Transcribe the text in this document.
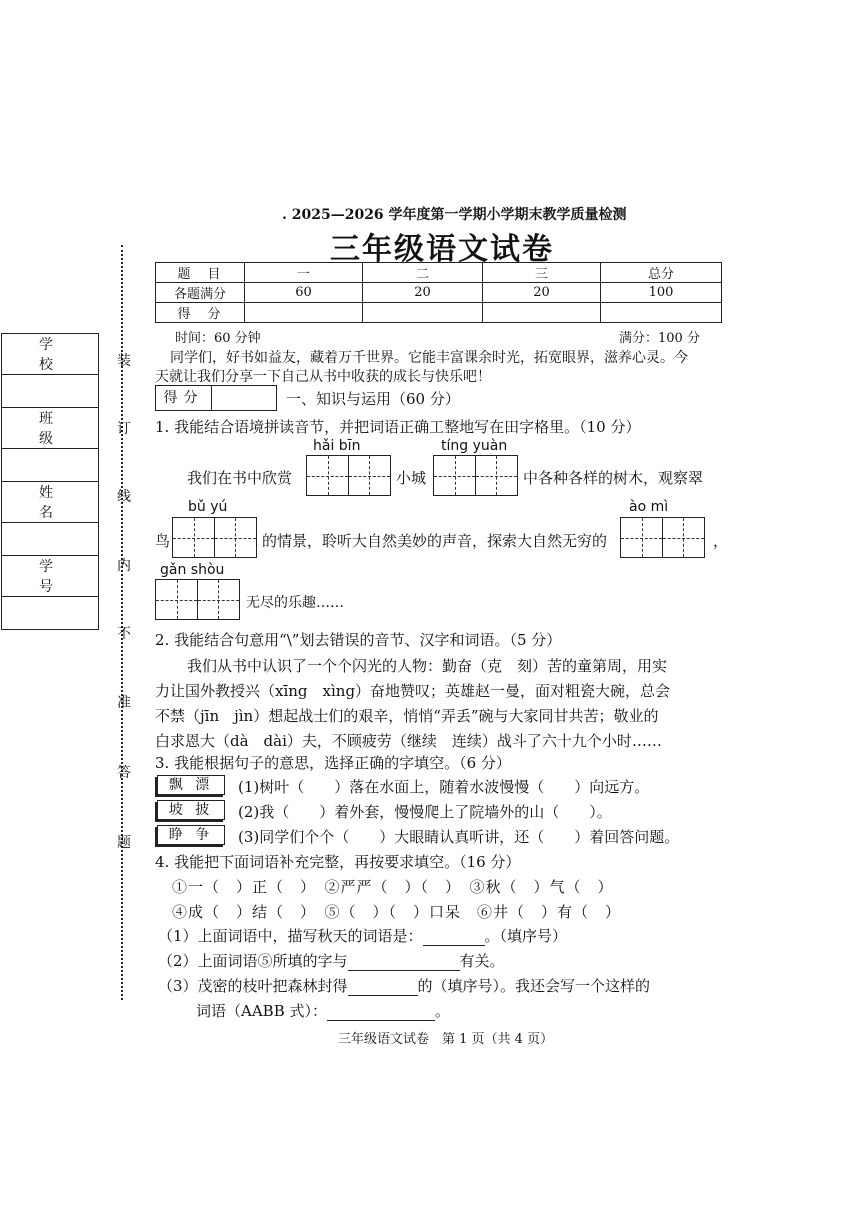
. 2025—2026 学年度第一学期小学期末教学质量检测
三年级语文试卷
装
订
线
内
不
准
答
题
学 校

班 级

姓 名

学 号

题　目	一	二	三	总分
各题满分	60	20	20	100
得　分				
时间：60 分钟	满分：100 分
同学们，好书如益友，藏着万千世界。它能丰富课余时光，拓宽眼界，滋养心灵。今
天就让我们分享一下自己从书中收获的成长与快乐吧！
得分	一、知识与运用（60 分）
1. 我能结合语境拼读音节，并把词语正确工整地写在田字格里。（10 分）
hǎi bīn	tíng yuàn
我们在书中欣赏	小城	中各种各样的树木，观察翠
bǔ yú	ào mì
鸟	的情景，聆听大自然美妙的声音，探索大自然无穷的	，
gǎn shòu
无尽的乐趣……
2. 我能结合句意用“\”划去错误的音节、汉字和词语。（5 分）
我们从书中认识了一个个闪光的人物：勤奋（克　刻）苦的童第周，用实
力让国外教授兴（xīng　xìng）奋地赞叹；英雄赵一曼，面对粗瓷大碗，总会
不禁（jīn　jìn）想起战士们的艰辛，悄悄“弄丢”碗与大家同甘共苦；敬业的
白求恩大（dà　dài）夫，不顾疲劳（继续　连续）战斗了六十九个小时……
3. 我能根据句子的意思，选择正确的字填空。（6 分）
飘 漂	(1)树叶（　　）落在水面上，随着水波慢慢（　　）向远方。
坡 披	(2)我（　　）着外套，慢慢爬上了院墙外的山（　　）。
睁 争	(3)同学们个个（　　）大眼睛认真听讲，还（　　）着回答问题。
4. 我能把下面词语补充完整，再按要求填空。（16 分）
①一（　）正（　）　②严严（　）（　）　③秋（　）气（　）
④成（　）结（　）　⑤（　）（　）口呆　⑥井（　）有（　）
（1）上面词语中，描写秋天的词语是：	。（填序号）
（2）上面词语⑤所填的字与	有关。
（3）茂密的枝叶把森林封得	的（填序号）。我还会写一个这样的
词语（AABB 式）：	。
三年级语文试卷　第 1 页（共 4 页）
